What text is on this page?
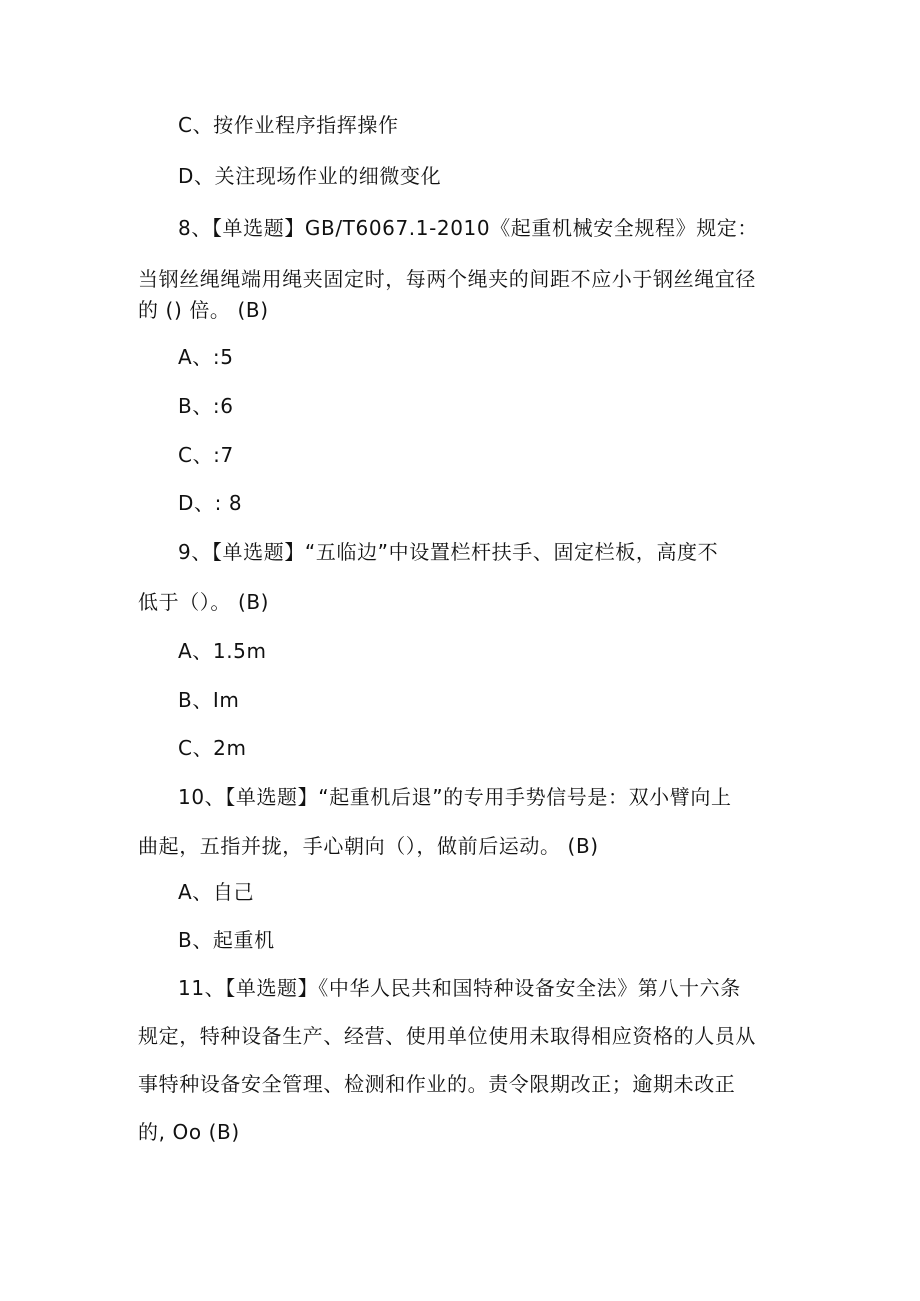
C、按作业程序指挥操作
D、关注现场作业的细微变化
8、【单选题】GB/T6067.1-2010《起重机械安全规程》规定：
当钢丝绳绳端用绳夹固定时，每两个绳夹的间距不应小于钢丝绳宜径
的 () 倍。 (B)
A、:5
B、:6
C、:7
D、: 8
9、【单选题】“五临边”中设置栏杆扶手、固定栏板，高度不
低于（）。 (B)
A、1.5m
B、Im
C、2m
10、【单选题】“起重机后退”的专用手势信号是：双小臂向上
曲起，五指并拢，手心朝向（），做前后运动。 (B)
A、自己
B、起重机
11、【单选题】《中华人民共和国特种设备安全法》第八十六条
规定，特种设备生产、经营、使用单位使用未取得相应资格的人员从
事特种设备安全管理、检测和作业的。责令限期改正；逾期未改正
的, Oo (B)
